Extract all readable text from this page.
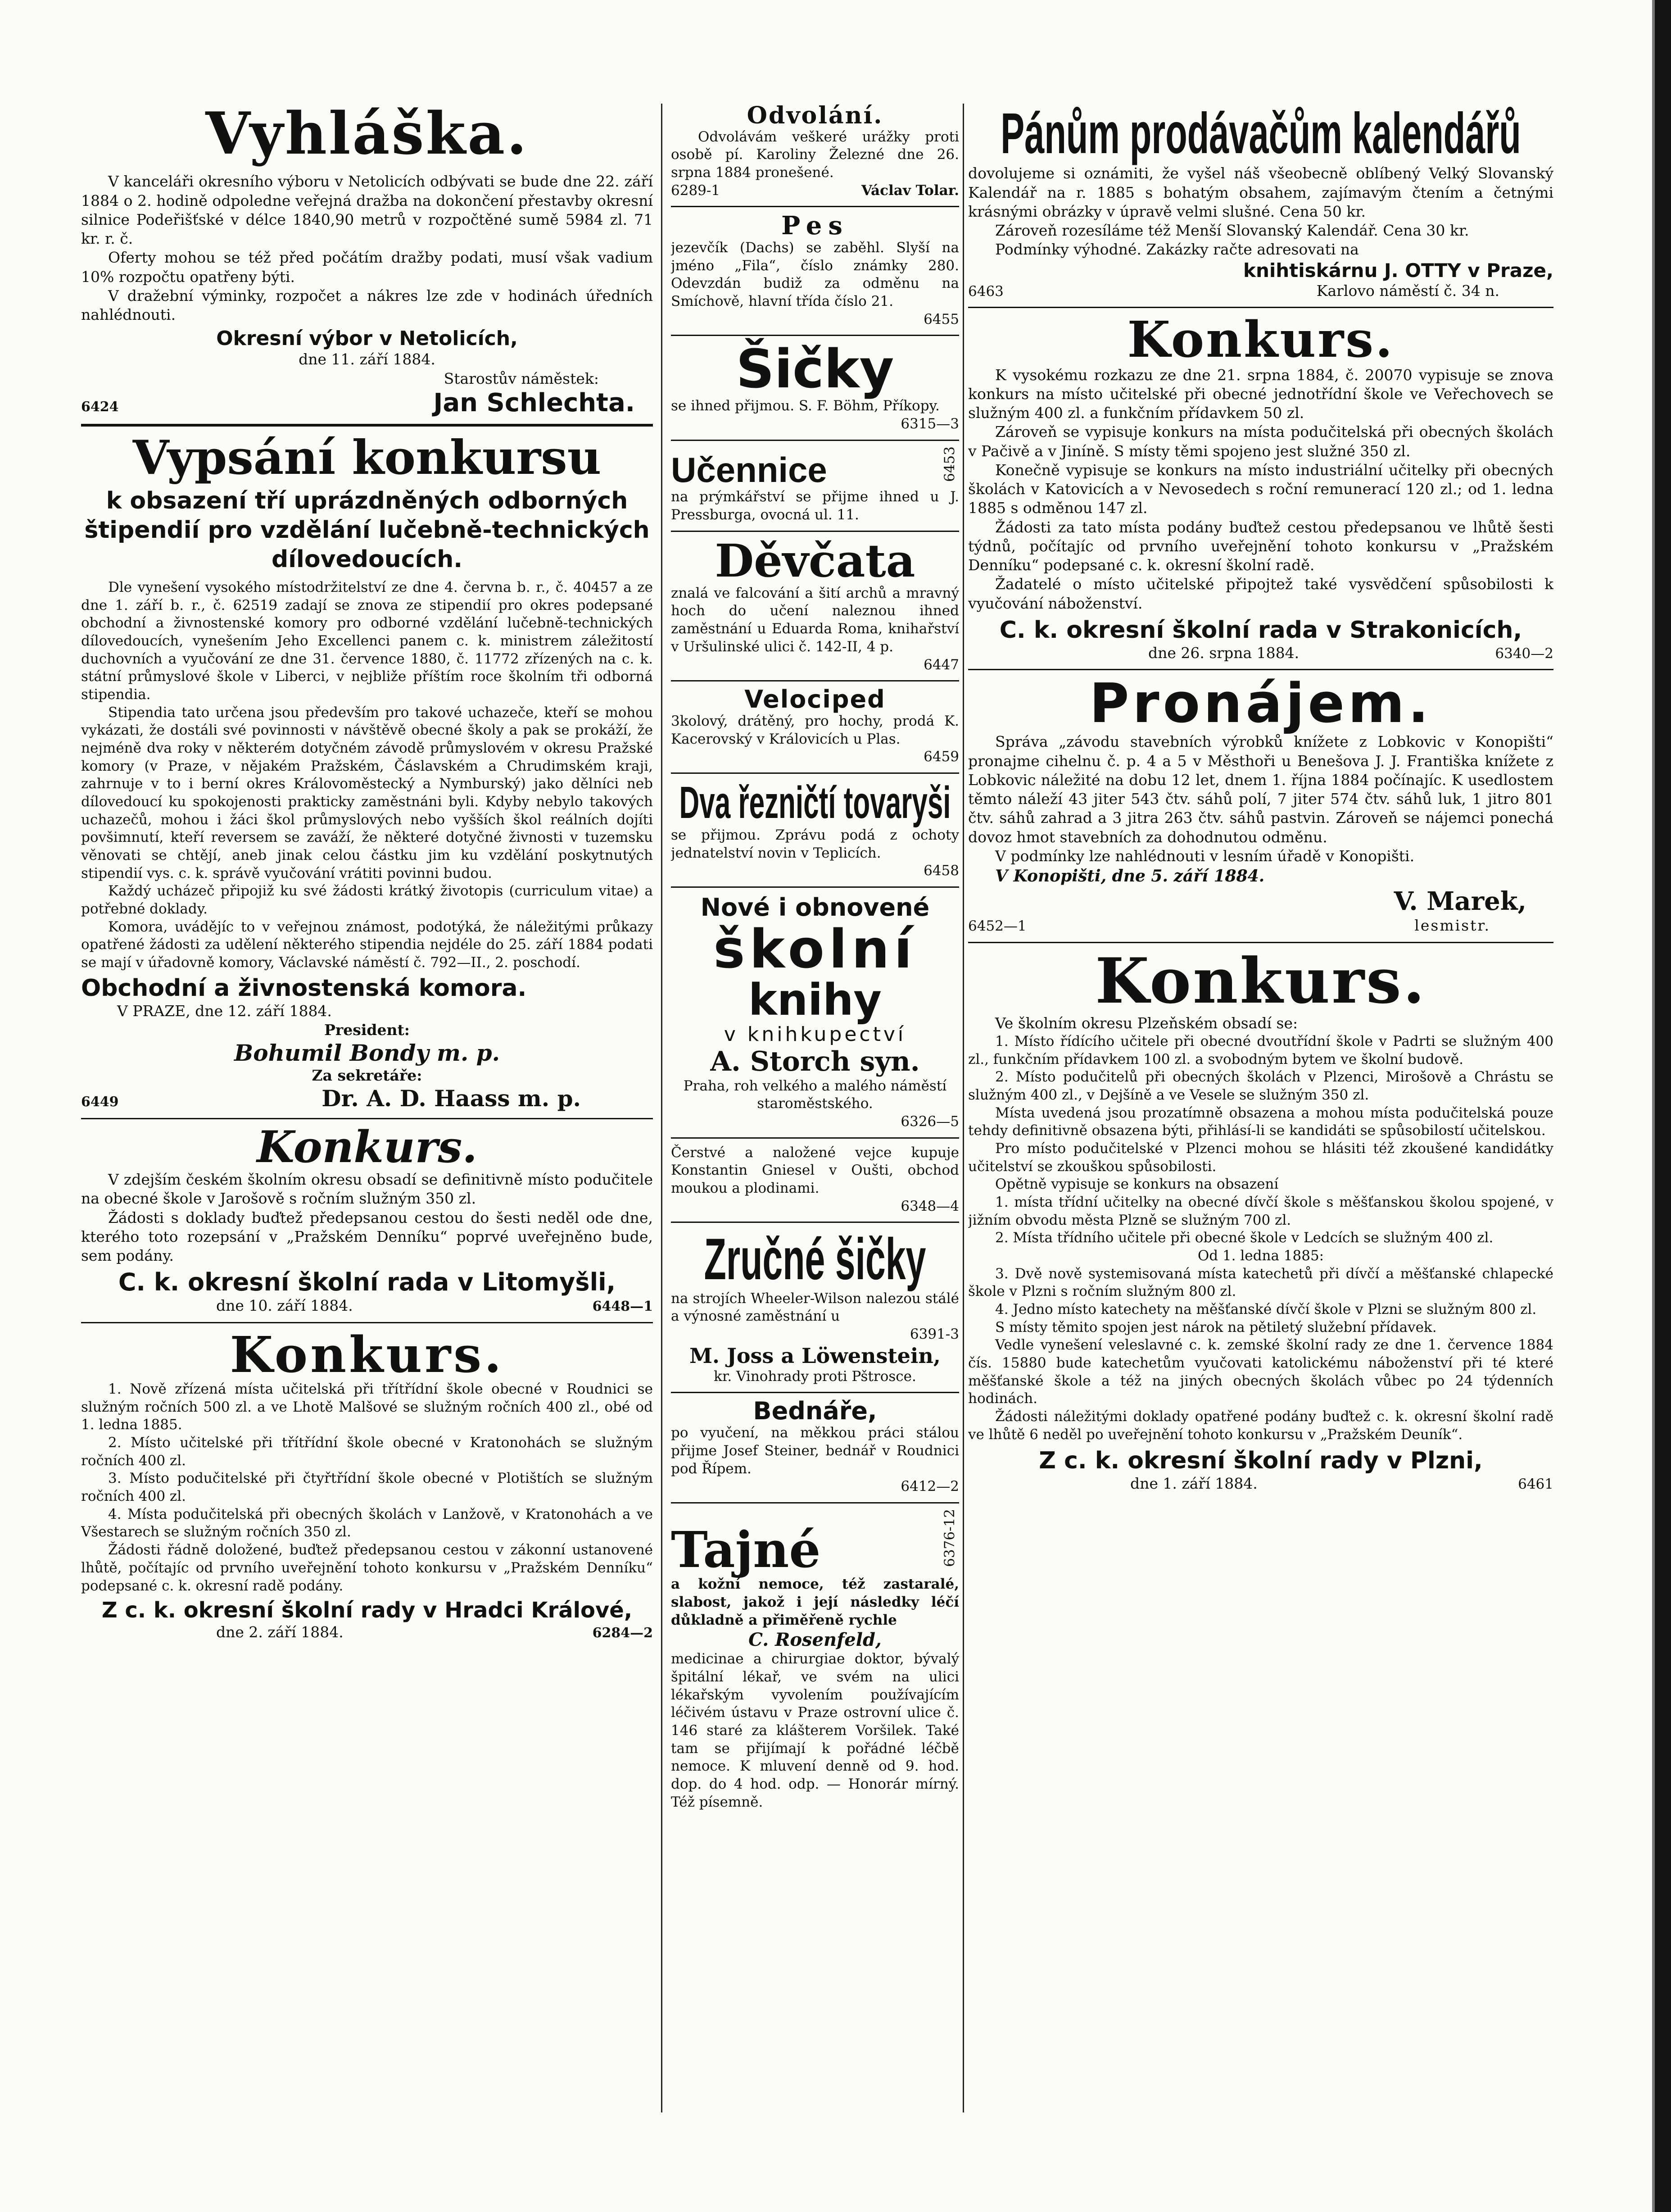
Vyhláška.
V kanceláři okresního výboru v Netolicích odbývati se bude dne 22. září 1884 o 2. hodině odpoledne veřejná dražba na dokončení přestavby okresní silnice Podeřišťské v délce 1840,90 metrů v rozpočtěné sumě 5984 zl. 71 kr. r. č.
Oferty mohou se též před počátím dražby podati, musí však vadium 10% rozpočtu opatřeny býti.
V dražební výminky, rozpočet a nákres lze zde v hodinách úředních nahlédnouti.
Okresní výbor v Netolicích,
dne 11. září 1884.
Starostův náměstek:
6424	Jan Schlechta.
Vypsání konkursu
k obsazení tří uprázdněných odborných štipendií pro vzdělání lučebně-technických dílovedoucích.
Dle vynešení vysokého místodržitelství ze dne 4. června b. r., č. 40457 a ze dne 1. září b. r., č. 62519 zadají se znova ze stipendií pro okres podepsané obchodní a živnostenské komory pro odborné vzdělání lučebně-technických dílovedoucích, vynešením Jeho Excellenci panem c. k. ministrem záležitostí duchovních a vyučování ze dne 31. července 1880, č. 11772 zřízených na c. k. státní průmyslové škole v Liberci, v nejbliže příštím roce školním tři odborná stipendia.
Stipendia tato určena jsou především pro takové uchazeče, kteří se mohou vykázati, že dostáli své povinnosti v návštěvě obecné školy a pak se prokáží, že nejméně dva roky v některém dotyčném závodě průmyslovém v okresu Pražské komory (v Praze, v nějakém Pražském, Čáslavském a Chrudimském kraji, zahrnuje v to i berní okres Královoměstecký a Nymburský) jako dělníci neb dílovedoucí ku spokojenosti prakticky zaměstnáni byli. Kdyby nebylo takových uchazečů, mohou i žáci škol průmyslových nebo vyšších škol reálních dojíti povšimnutí, kteří reversem se zaváží, že některé dotyčné živnosti v tuzemsku věnovati se chtějí, aneb jinak celou částku jim ku vzdělání poskytnutých stipendií vys. c. k. správě vyučování vrátiti povinni budou.
Každý ucházeč připojiž ku své žádosti krátký životopis (curriculum vitae) a potřebné doklady.
Komora, uvádějíc to v veřejnou známost, podotýká, že náležitými průkazy opatřené žádosti za udělení některého stipendia nejdéle do 25. září 1884 podati se mají v úřadovně komory, Václavské náměstí č. 792—II., 2. poschodí.
Obchodní a živnostenská komora.
V PRAZE, dne 12. září 1884.
President:
Bohumil Bondy m. p.
Za sekretáře:
6449	Dr. A. D. Haass m. p.
Konkurs.
V zdejším českém školním okresu obsadí se definitivně místo podučitele na obecné škole v Jarošově s ročním služným 350 zl.
Žádosti s doklady buďtež předepsanou cestou do šesti neděl ode dne, kterého toto rozepsání v „Pražském Denníku“ poprvé uveřejněno bude, sem podány.
C. k. okresní školní rada v Litomyšli,
dne 10. září 1884.	6448—1
Konkurs.
1. Nově zřízená místa učitelská při třítřídní škole obecné v Roudnici se služným ročních 500 zl. a ve Lhotě Malšové se služným ročních 400 zl., obé od 1. ledna 1885.
2. Místo učitelské při třítřídní škole obecné v Kratonohách se služným ročních 400 zl.
3. Místo podučitelské při čtyřtřídní škole obecné v Plotištích se služným ročních 400 zl.
4. Místa podučitelská při obecných školách v Lanžově, v Kratonohách a ve Všestarech se služným ročních 350 zl.
Žádosti řádně doložené, buďtež předepsanou cestou v zákonní ustanovené lhůtě, počítajíc od prvního uveřejnění tohoto konkursu v „Pražském Denníku“ podepsané c. k. okresní radě podány.
Z c. k. okresní školní rady v Hradci Králové,
dne 2. září 1884.	6284—2
Odvolání.
Odvolávám veškeré urážky proti osobě pí. Karoliny Železné dne 26. srpna 1884 pronešené.
6289-1	Václav Tolar.
Pes
jezevčík (Dachs) se zaběhl. Slyší na jméno „Fila“, číslo známky 280. Odevzdán budiž za odměnu na Smíchově, hlavní třída číslo 21.
6455
Šičky
se ihned přijmou. S. F. Böhm, Příkopy.
6315—3
Učennice	6453
na prýmkářství se přijme ihned u J. Pressburga, ovocná ul. 11.
Děvčata
znalá ve falcování a šití archů a mravný hoch do učení naleznou ihned zaměstnání u Eduarda Roma, knihařství v Uršulinské ulici č. 142-II, 4 p.
6447
Velociped
3kolový, drátěný, pro hochy, prodá K. Kacerovský v Královicích u Plas.
6459
Dva řezničtí tovaryši
se přijmou. Zprávu podá z ochoty jednatelství novin v Teplicích.
6458
Nové i obnovené
školní
knihy
v knihkupectví
A. Storch syn.
Praha, roh velkého a malého náměstí staroměstského.
6326—5
Čerstvé a naložené vejce kupuje Konstantin Gniesel v Oušti, obchod moukou a plodinami.
6348—4
Zručné šičky
na strojích Wheeler-Wilson nalezou stálé a výnosné zaměstnání u
6391-3
M. Joss a Löwenstein,
kr. Vinohrady proti Pštrosce.
Bednáře,
po vyučení, na měkkou práci stálou přijme Josef Steiner, bednář v Roudnici pod Řípem.
6412—2
Tajné	6376-12
a kožní nemoce, též zastaralé, slabost, jakož i její následky léčí důkladně a přiměřeně rychle
C. Rosenfeld,
medicinae a chirurgiae doktor, bývalý špitální lékař, ve svém na ulici lékařským vyvolením používajícím léčivém ústavu v Praze ostrovní ulice č. 146 staré za klášterem Voršilek. Také tam se přijímají k pořádné léčbě nemoce. K mluvení denně od 9. hod. dop. do 4 hod. odp. — Honorár mírný. Též písemně.
Pánům prodávačům kalendářů
dovolujeme si oznámiti, že vyšel náš všeobecně oblíbený Velký Slovanský Kalendář na r. 1885 s bohatým obsahem, zajímavým čtením a četnými krásnými obrázky v úpravě velmi slušné. Cena 50 kr.
Zároveň rozesíláme též Menší Slovanský Kalendář. Cena 30 kr.
Podmínky výhodné. Zakázky račte adresovati na
knihtiskárnu J. OTTY v Praze,
6463	Karlovo náměstí č. 34 n.
Konkurs.
K vysokému rozkazu ze dne 21. srpna 1884, č. 20070 vypisuje se znova konkurs na místo učitelské při obecné jednotřídní škole ve Veřechovech se služným 400 zl. a funkčním přídavkem 50 zl.
Zároveň se vypisuje konkurs na místa podučitelská při obecných školách v Pačivě a v Jiníně. S místy těmi spojeno jest služné 350 zl.
Konečně vypisuje se konkurs na místo industriální učitelky při obecných školách v Katovicích a v Nevosedech s roční remunerací 120 zl.; od 1. ledna 1885 s odměnou 147 zl.
Žádosti za tato místa podány buďtež cestou předepsanou ve lhůtě šesti týdnů, počítajíc od prvního uveřejnění tohoto konkursu v „Pražském Denníku“ podepsané c. k. okresní školní radě.
Žadatelé o místo učitelské připojtež také vysvědčení spůsobilosti k vyučování náboženství.
C. k. okresní školní rada v Strakonicích,
dne 26. srpna 1884.	6340—2
Pronájem.
Správa „závodu stavebních výrobků knížete z Lobkovic v Konopišti“ pronajme cihelnu č. p. 4 a 5 v Městhoři u Benešova J. J. Františka knížete z Lobkovic náležité na dobu 12 let, dnem 1. října 1884 počínajíc. K usedlostem těmto náleží 43 jiter 543 čtv. sáhů polí, 7 jiter 574 čtv. sáhů luk, 1 jitro 801 čtv. sáhů zahrad a 3 jitra 263 čtv. sáhů pastvin. Zároveň se nájemci ponechá dovoz hmot stavebních za dohodnutou odměnu.
V podmínky lze nahlédnouti v lesním úřadě v Konopišti.
V Konopišti, dne 5. září 1884.
V. Marek,
6452—1	lesmistr.
Konkurs.
Ve školním okresu Plzeňském obsadí se:
1. Místo řídícího učitele při obecné dvoutřídní škole v Padrti se služným 400 zl., funkčním přídavkem 100 zl. a svobodným bytem ve školní budově.
2. Místo podučitelů při obecných školách v Plzenci, Mirošově a Chrástu se služným 400 zl., v Dejšíně a ve Vesele se služným 350 zl.
Místa uvedená jsou prozatímně obsazena a mohou místa podučitelská pouze tehdy definitivně obsazena býti, přihlásí-li se kandidáti se spůsobilostí učitelskou.
Pro místo podučitelské v Plzenci mohou se hlásiti též zkoušené kandidátky učitelství se zkouškou spůsobilosti.
Opětně vypisuje se konkurs na obsazení
1. místa třídní učitelky na obecné dívčí škole s měšťanskou školou spojené, v jižním obvodu města Plzně se služným 700 zl.
2. Místa třídního učitele při obecné škole v Ledcích se služným 400 zl.
Od 1. ledna 1885:
3. Dvě nově systemisovaná místa katechetů při dívčí a měšťanské chlapecké škole v Plzni s ročním služným 800 zl.
4. Jedno místo katechety na měšťanské dívčí škole v Plzni se služným 800 zl.
S místy těmito spojen jest nárok na pětiletý služební přídavek.
Vedle vynešení veleslavné c. k. zemské školní rady ze dne 1. července 1884 čís. 15880 bude katechetům vyučovati katolickému náboženství při té které měšťanské škole a též na jiných obecných školách vůbec po 24 týdenních hodinách.
Žádosti náležitými doklady opatřené podány buďtež c. k. okresní školní radě ve lhůtě 6 neděl po uveřejnění tohoto konkursu v „Pražském Deuník“.
Z c. k. okresní školní rady v Plzni,
dne 1. září 1884.	6461
